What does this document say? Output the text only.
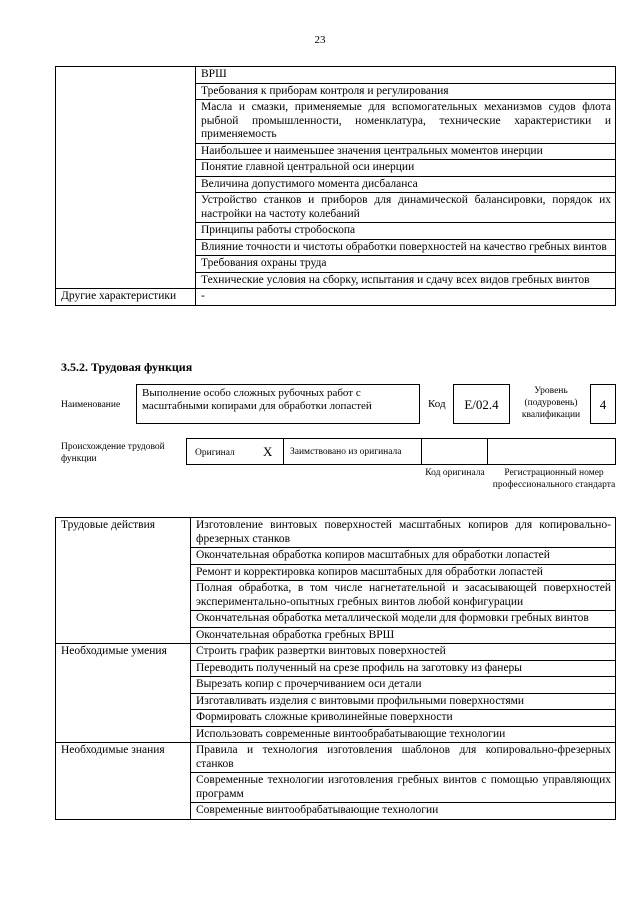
23
	ВРШ
	Требования к приборам контроля и регулирования
	Масла и смазки, применяемые для вспомогательных механизмов судов флота рыбной промышленности, номенклатура, технические характеристики и применяемость
	Наибольшее и наименьшее значения центральных моментов инерции
	Понятие главной центральной оси инерции
	Величина допустимого момента дисбаланса
	Устройство станков и приборов для динамической балансировки, порядок их настройки на частоту колебаний
	Принципы работы стробоскопа
	Влияние точности и чистоты обработки поверхностей на качество гребных винтов
	Требования охраны труда
	Технические условия на сборку, испытания и сдачу всех видов гребных винтов
Другие характеристики	-
3.5.2. Трудовая функция
Наименование
Выполнение особо сложных рубочных работ с масштабными копирами для обработки лопастей	Код	E/02.4
Уровень (подуровень) квалификации
4
Происхождение трудовой функции
Оригинал X Заимствовано из оригинала
Код оригинала	Регистрационный номер профессионального стандарта
Трудовые действия	Изготовление винтовых поверхностей масштабных копиров для копировально-фрезерных станков
	Окончательная обработка копиров масштабных для обработки лопастей
	Ремонт и корректировка копиров масштабных для обработки лопастей
	Полная обработка, в том числе нагнетательной и засасывающей поверхностей экспериментально-опытных гребных винтов любой конфигурации
	Окончательная обработка металлической модели для формовки гребных винтов
	Окончательная обработка гребных ВРШ
Необходимые умения	Строить график развертки винтовых поверхностей
	Переводить полученный на срезе профиль на заготовку из фанеры
	Вырезать копир с прочерчиванием оси детали
	Изготавливать изделия с винтовыми профильными поверхностями
	Формировать сложные криволинейные поверхности
	Использовать современные винтообрабатывающие технологии
Необходимые знания	Правила и технология изготовления шаблонов для копировально-фрезерных станков
	Современные технологии изготовления гребных винтов с помощью управляющих программ
	Современные винтообрабатывающие технологии
